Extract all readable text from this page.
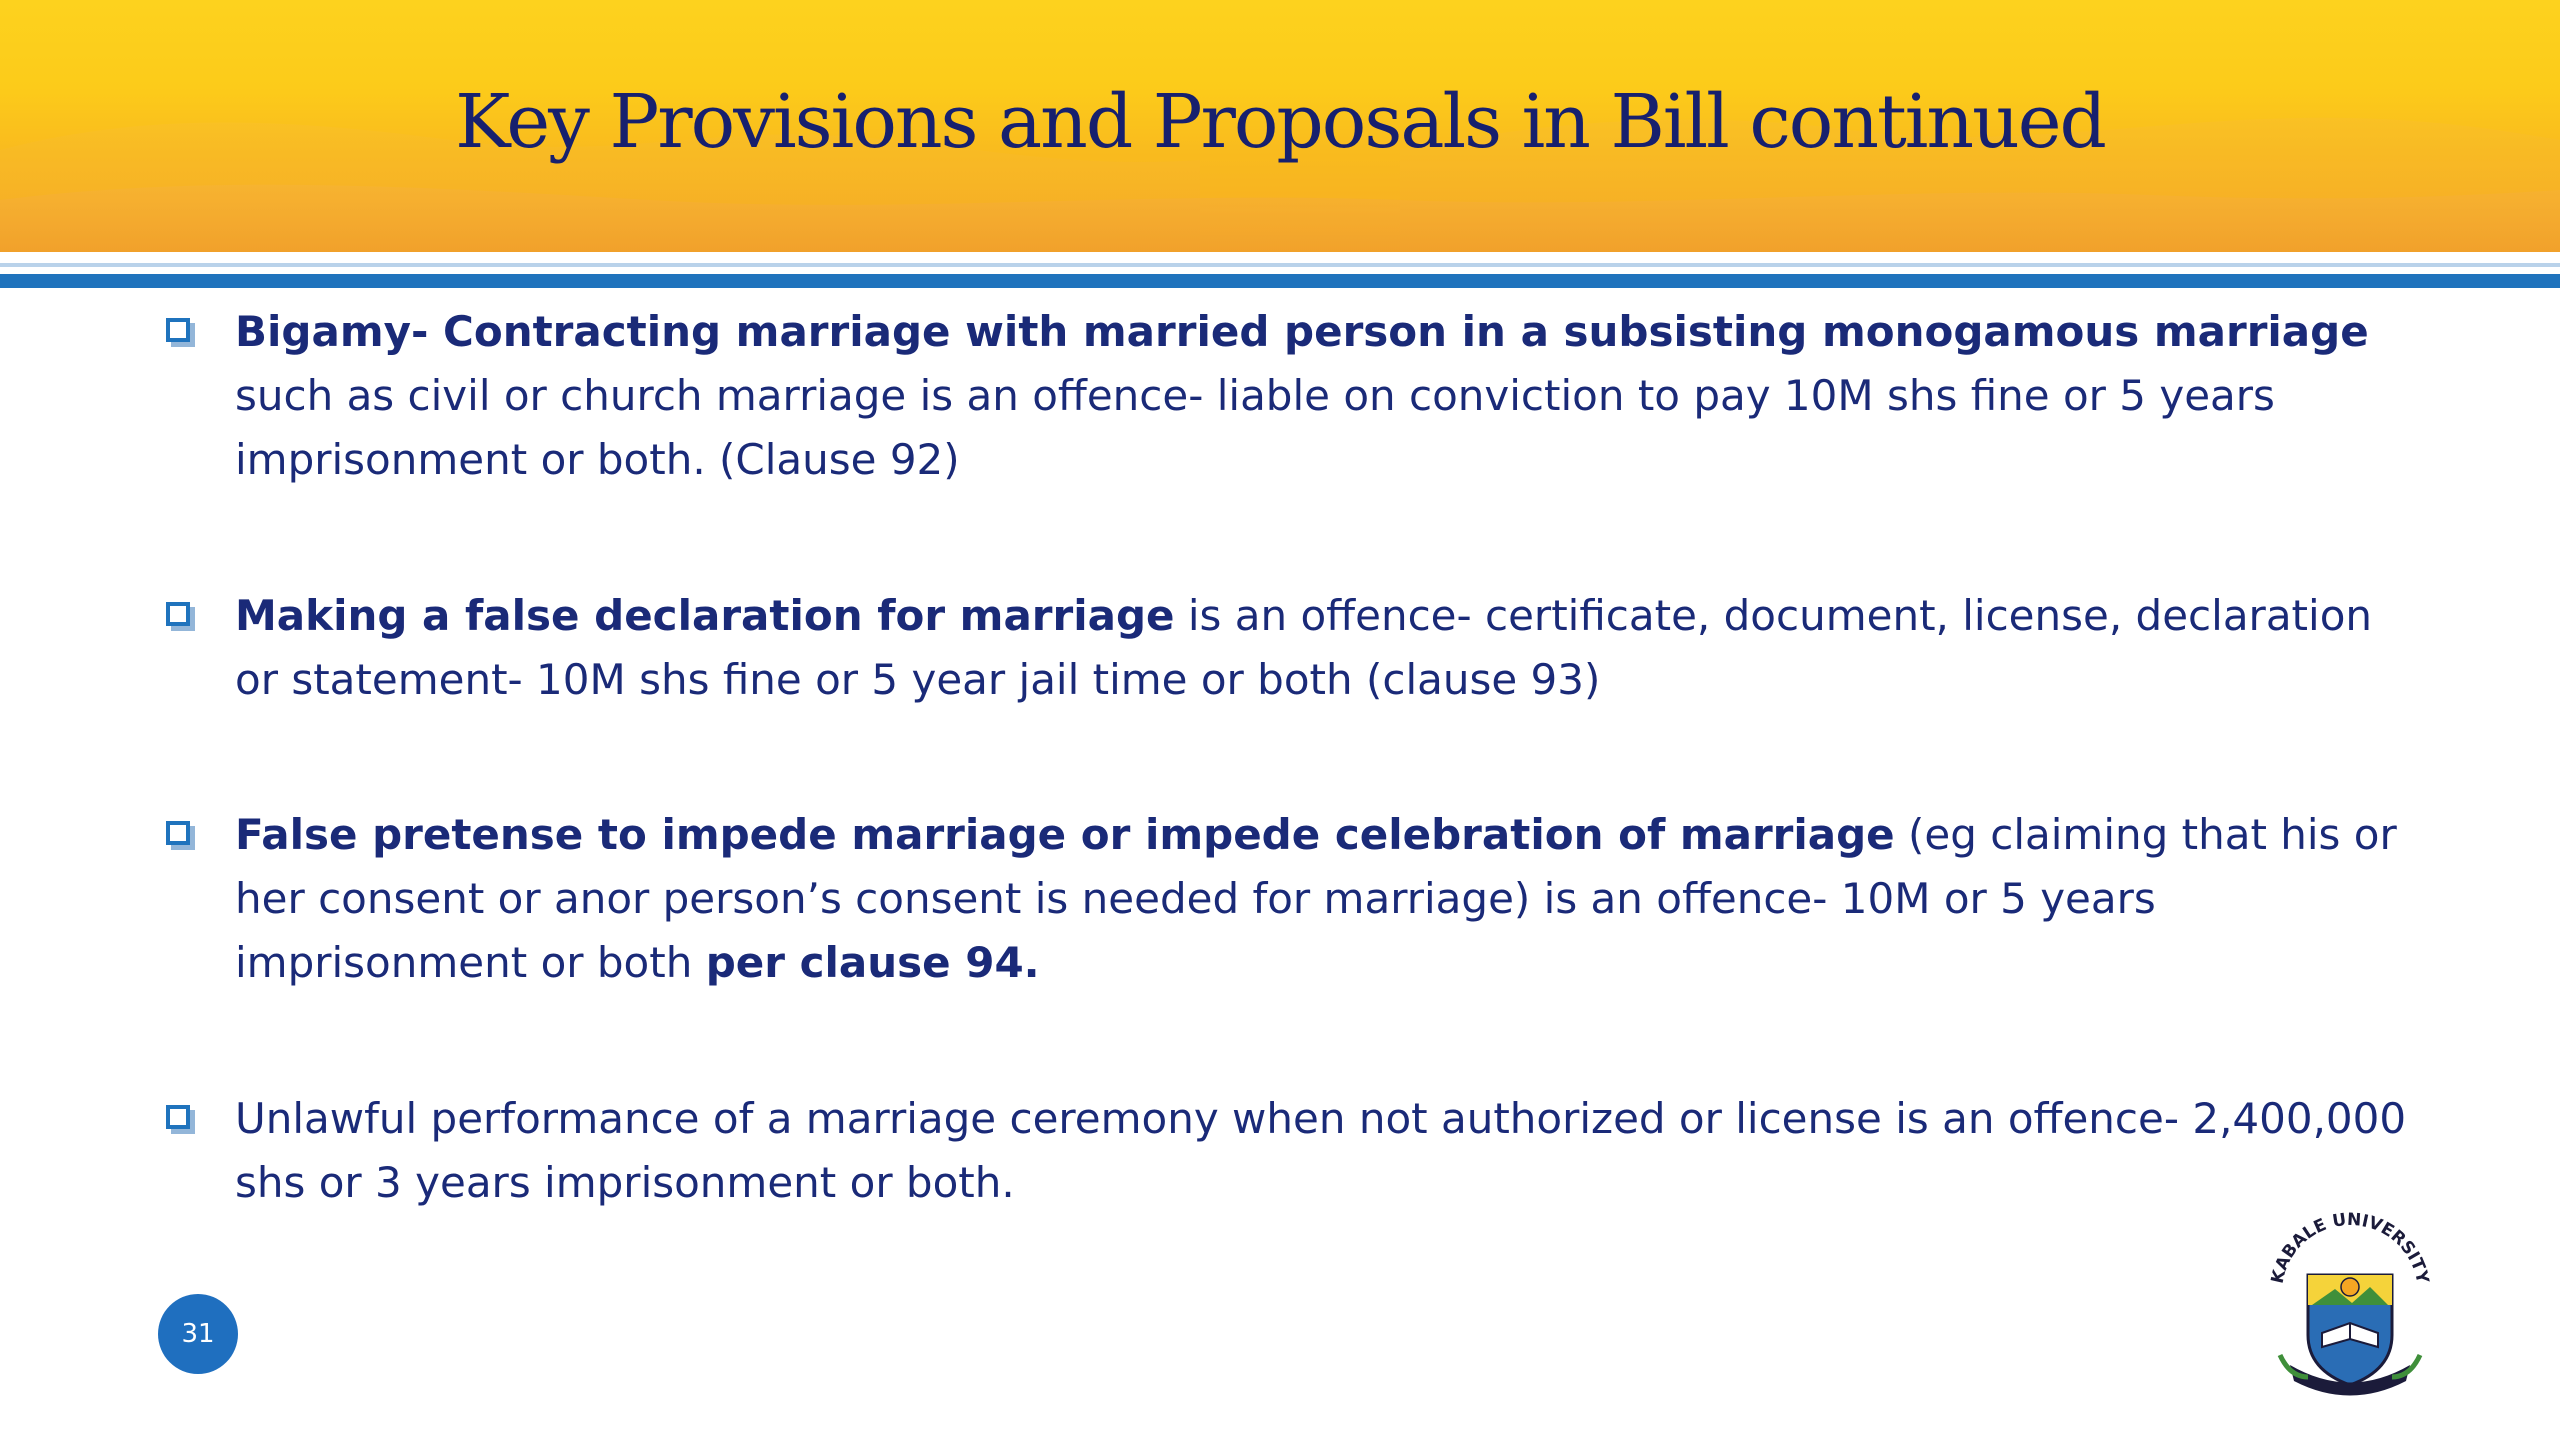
Key Provisions and Proposals in Bill continued
Bigamy- Contracting marriage with married person in a subsisting monogamous marriage such as civil or church marriage is an offence- liable on conviction to pay 10M shs fine or 5 years imprisonment or both. (Clause 92)
Making a false declaration for marriage is an offence- certificate, document, license, declaration or statement- 10M shs fine or 5 year jail time or both (clause 93)
False pretense to impede marriage or impede celebration of marriage (eg claiming that his or her consent or anor person’s consent is needed for marriage) is an offence- 10M or 5 years imprisonment or both per clause 94.
Unlawful performance of a marriage ceremony when not authorized or license is an offence- 2,400,000 shs or 3 years imprisonment or both.
31
KABALE UNIVERSITY
